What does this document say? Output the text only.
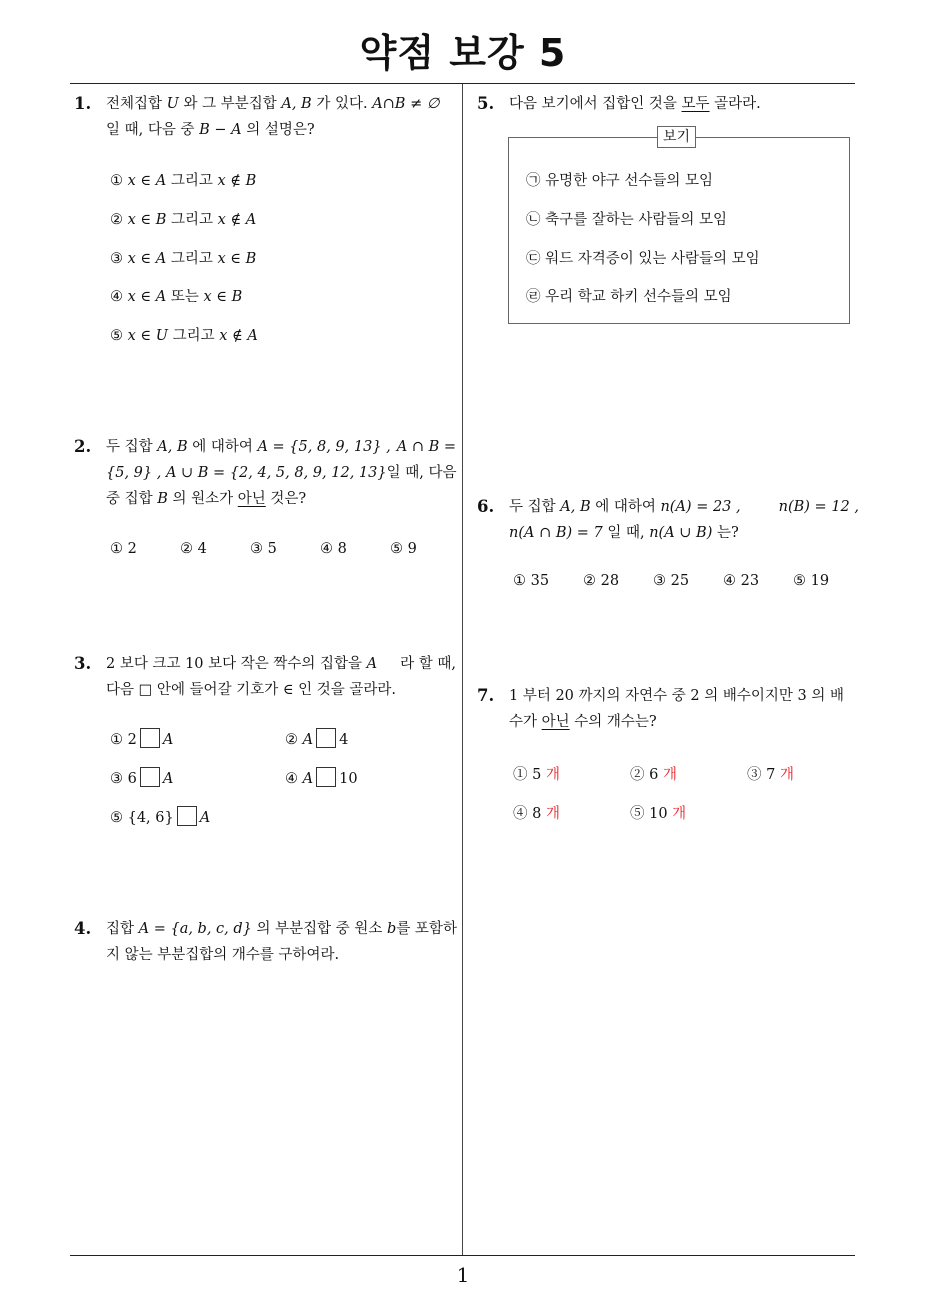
약점 보강 5
1
1. 전체집합 U 와 그 부분집합 A, B 가 있다. A∩B ≠ ∅
일 때, 다음 중 B − A 의 설명은?
① x ∈ A 그리고 x ∉ B
② x ∈ B 그리고 x ∉ A
③ x ∈ A 그리고 x ∈ B
④ x ∈ A 또는 x ∈ B
⑤ x ∈ U 그리고 x ∉ A
2. 두 집합 A, B 에 대하여 A = {5, 8, 9, 13} , A ∩ B =
{5, 9} , A ∪ B = {2, 4, 5, 8, 9, 12, 13} 일 때, 다음
중 집합 B 의 원소가 아닌 것은?
① 2	② 4	③ 5	④ 8	⑤ 9
3. 2 보다 크고 10 보다 작은 짝수의 집합을 A 라 할 때,
다음 □ 안에 들어갈 기호가 ∈ 인 것을 골라라.
① 2 A	② A 4
③ 6 A	④ A 10
⑤ {4, 6} A
4. 집합 A = {a, b, c, d} 의 부분집합 중 원소 b 를 포함하
지 않는 부분집합의 개수를 구하여라.
5. 다음 보기에서 집합인 것을 모두 골라라.
보기
㉠ 유명한 야구 선수들의 모임
㉡ 축구를 잘하는 사람들의 모임
㉢ 워드 자격증이 있는 사람들의 모임
㉣ 우리 학교 하키 선수들의 모임
6. 두 집합 A, B 에 대하여 n(A) = 23 ,	n(B) = 12 ,
n(A ∩ B) = 7 일 때, n(A ∪ B) 는?
① 35 ② 28 ③ 25 ④ 23 ⑤ 19
7. 1 부터 20 까지의 자연수 중 2 의 배수이지만 3 의 배
수가 아닌 수의 개수는?
① 5 개	② 6 개	③ 7 개
④ 8 개	⑤ 10 개
